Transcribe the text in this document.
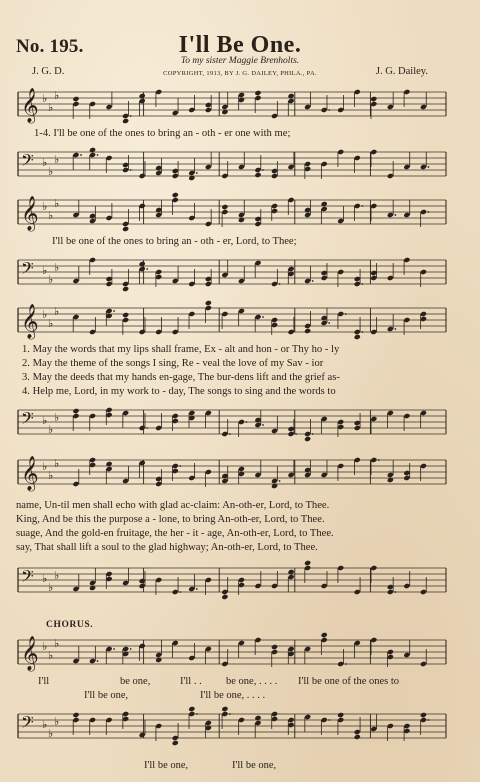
No. 195.	I'll Be One.
To my sister Maggie Brenholts.
J. G. D.	COPYRIGHT, 1913, BY J. G. DAILEY, PHILA., PA.	J. G. Dailey.
𝄞 ♭
♭
♭
1-4. I'll be one of the ones to bring an - oth - er one with me;
𝄢 ♭
♭
♭
𝄞 ♭
♭
♭
I'll be one of the ones to bring an - oth - er, Lord, to Thee;
𝄢 ♭
♭
♭
𝄞 ♭
♭
♭
1. May the words that my lips shall frame, Ex - alt and hon - or Thy ho - ly
2. May the theme of the songs I sing, Re - veal the love of my Sav - ior
3. May the deeds that my hands en-gage, The bur-dens lift and the grief as-
4. Help me, Lord, in my work to - day, The songs to sing and the words to
𝄢 ♭
♭
♭
𝄞 ♭
♭
♭
name, Un-til men shall echo with glad ac-claim: An-oth-er, Lord, to Thee.
King, And be this the purpose a - lone, to bring An-oth-er, Lord, to Thee.
suage, And the gold-en fruitage, the her - it - age, An-oth-er, Lord, to Thee.
say, That shall lift a soul to the glad highway; An-oth-er, Lord, to Thee.
𝄢 ♭
♭
♭
CHORUS.
𝄞 ♭
♭
♭
I'll	be one,	I'll . . be one, . . . . I'll be one of the ones to
I'll be one,	I'll be one, . . . .
𝄢 ♭
♭
♭
I'll be one,	I'll be one,
